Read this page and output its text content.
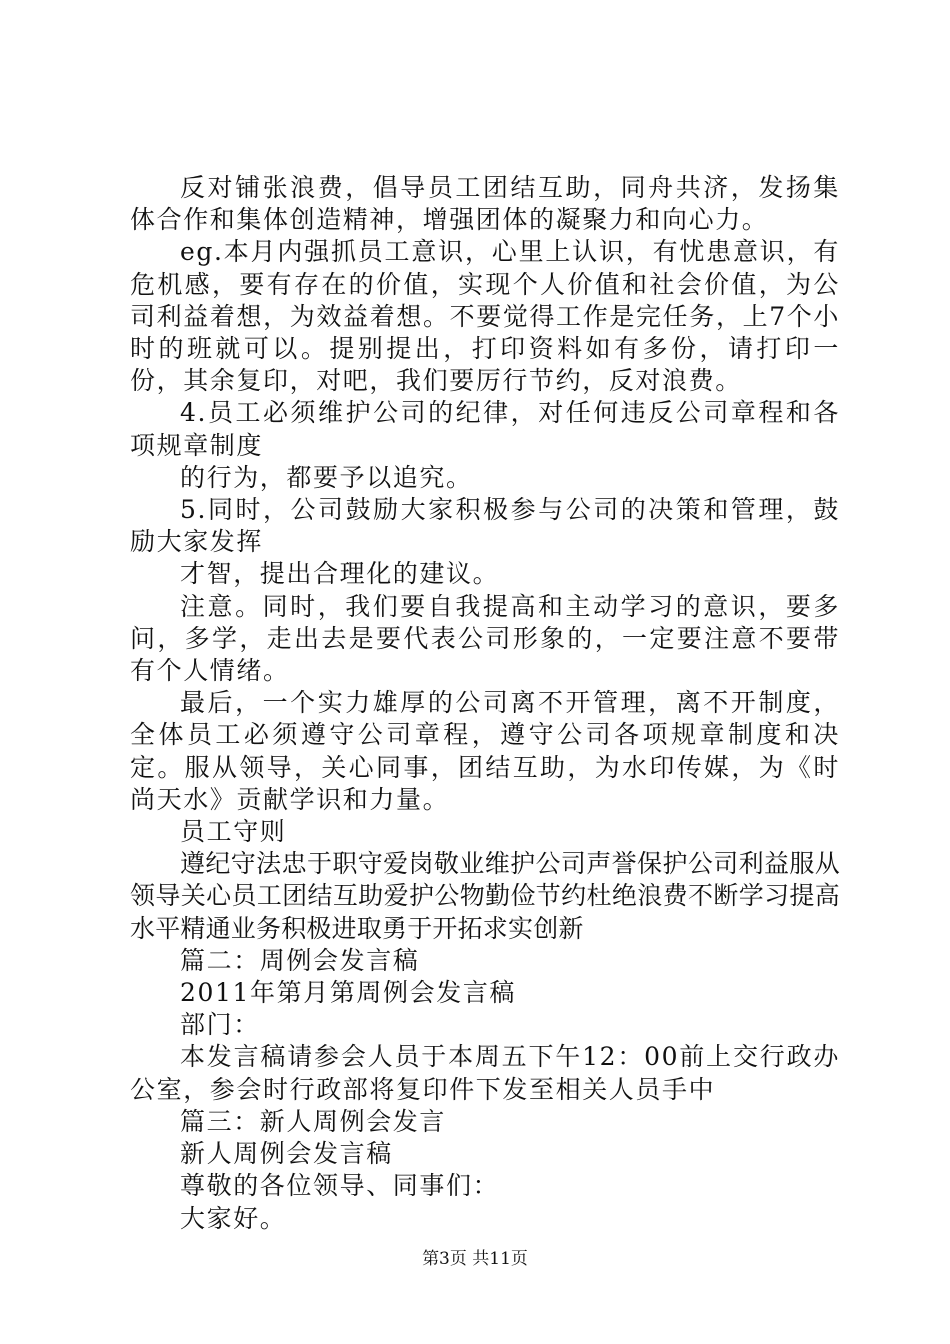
反对铺张浪费，倡导员工团结互助，同舟共济，发扬集体合作和集体创造精神，增强团体的凝聚力和向心力。

eg.本月内强抓员工意识，心里上认识，有忧患意识，有危机感，要有存在的价值，实现个人价值和社会价值，为公司利益着想，为效益着想。不要觉得工作是完任务，上7个小时的班就可以。提别提出，打印资料如有多份，请打印一份，其余复印，对吧，我们要厉行节约，反对浪费。

4.员工必须维护公司的纪律，对任何违反公司章程和各项规章制度

的行为，都要予以追究。

5.同时，公司鼓励大家积极参与公司的决策和管理，鼓励大家发挥

才智，提出合理化的建议。

注意。同时，我们要自我提高和主动学习的意识，要多问，多学，走出去是要代表公司形象的，一定要注意不要带有个人情绪。

最后，一个实力雄厚的公司离不开管理，离不开制度，全体员工必须遵守公司章程，遵守公司各项规章制度和决定。服从领导，关心同事，团结互助，为水印传媒，为《时尚天水》贡献学识和力量。

员工守则

遵纪守法忠于职守爱岗敬业维护公司声誉保护公司利益服从领导关心员工团结互助爱护公物勤俭节约杜绝浪费不断学习提高水平精通业务积极进取勇于开拓求实创新

篇二：周例会发言稿

2011年第月第周例会发言稿

部门：

本发言稿请参会人员于本周五下午12：00前上交行政办公室，参会时行政部将复印件下发至相关人员手中

篇三：新人周例会发言

新人周例会发言稿

尊敬的各位领导、同事们：

大家好。

第3页 共11页
